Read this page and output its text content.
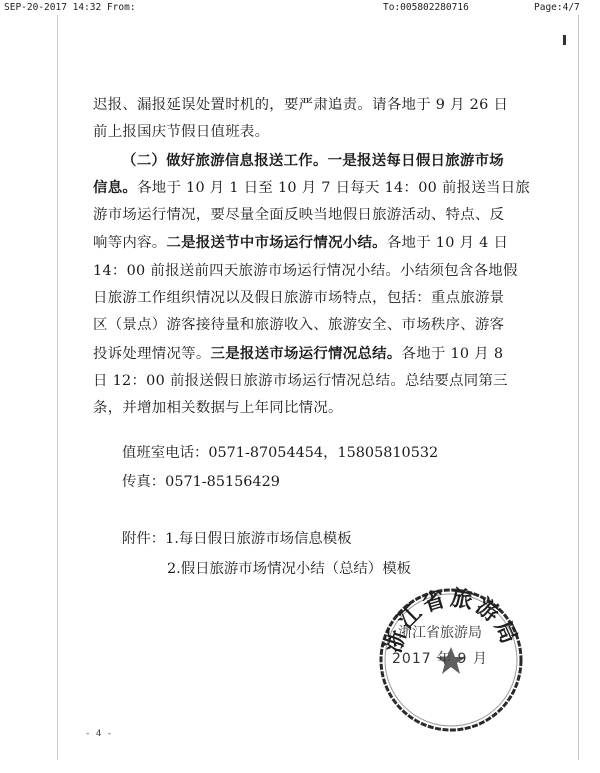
SEP-20-2017 14:32 From:	To:005802280716	Page:4/7

迟报、漏报延误处置时机的，要严肃追责。请各地于 9 月 26 日

前上报国庆节假日值班表。

（二）做好旅游信息报送工作。一是报送每日假日旅游市场

信息。各地于 10 月 1 日至 10 月 7 日每天 14：00 前报送当日旅

游市场运行情况，要尽量全面反映当地假日旅游活动、特点、反

响等内容。二是报送节中市场运行情况小结。各地于 10 月 4 日

14：00 前报送前四天旅游市场运行情况小结。小结须包含各地假

日旅游工作组织情况以及假日旅游市场特点，包括：重点旅游景

区（景点）游客接待量和旅游收入、旅游安全、市场秩序、游客

投诉处理情况等。三是报送市场运行情况总结。各地于 10 月 8

日 12：00 前报送假日旅游市场运行情况总结。总结要点同第三

条，并增加相关数据与上年同比情况。

值班室电话：0571-87054454，15805810532
传真：0571-85156429
附件：1.每日假日旅游市场信息模板
2.假日旅游市场情况小结（总结）模板
浙江省旅游局
浙江省旅游局
2017 年 9 月
- 4 -
